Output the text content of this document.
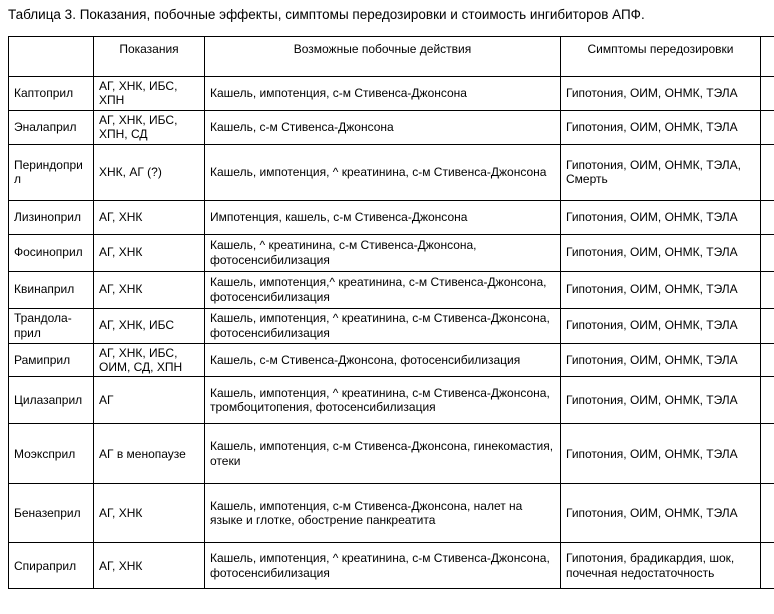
Таблица 3. Показания, побочные эффекты, симптомы передозировки и стоимость ингибиторов АПФ.
	Показания	Возможные побочные действия	Симптомы передозировки	
Каптоприл	АГ, ХНК, ИБС, ХПН	Кашель, импотенция, с-м Стивенса-Джонсона	Гипотония, ОИМ, ОНМК, ТЭЛА	
Эналаприл	АГ, ХНК, ИБС, ХПН, СД	Кашель, с-м Стивенса-Джонсона	Гипотония, ОИМ, ОНМК, ТЭЛА	
Периндоприл	ХНК, АГ (?)	Кашель, импотенция, ^ креатинина, с-м Стивенса-Джонсона	Гипотония, ОИМ, ОНМК, ТЭЛА, Смерть	
Лизиноприл	АГ, ХНК	Импотенция, кашель, с-м Стивенса-Джонсона	Гипотония, ОИМ, ОНМК, ТЭЛА	
Фосиноприл	АГ, ХНК	Кашель, ^ креатинина, с-м Стивенса-Джонсона, фотосенсибилизация	Гипотония, ОИМ, ОНМК, ТЭЛА	
Квинаприл	АГ, ХНК	Кашель, импотенция,^ креатинина, с-м Стивенса-Джонсона, фотосенсибилизация	Гипотония, ОИМ, ОНМК, ТЭЛА	
Трандола-прил	АГ, ХНК, ИБС	Кашель, импотенция, ^ креатинина, с-м Стивенса-Джонсона, фотосенсибилизация	Гипотония, ОИМ, ОНМК, ТЭЛА	
Рамиприл	АГ, ХНК, ИБС, ОИМ, СД, ХПН	Кашель, с-м Стивенса-Джонсона, фотосенсибилизация	Гипотония, ОИМ, ОНМК, ТЭЛА	
Цилазаприл	АГ	Кашель, импотенция, ^ креатинина, с-м Стивенса-Джонсона, тромбоцитопения, фотосенсибилизация	Гипотония, ОИМ, ОНМК, ТЭЛА	
Моэксприл	АГ в менопаузе	Кашель, импотенция, с-м Стивенса-Джонсона, гинекомастия, отеки	Гипотония, ОИМ, ОНМК, ТЭЛА	
Беназеприл	АГ, ХНК	Кашель, импотенция, с-м Стивенса-Джонсона, налет на языке и глотке, обострение панкреатита	Гипотония, ОИМ, ОНМК, ТЭЛА	
Спираприл	АГ, ХНК	Кашель, импотенция, ^ креатинина, с-м Стивенса-Джонсона, фотосенсибилизация	Гипотония, брадикардия, шок, почечная недостаточность	
